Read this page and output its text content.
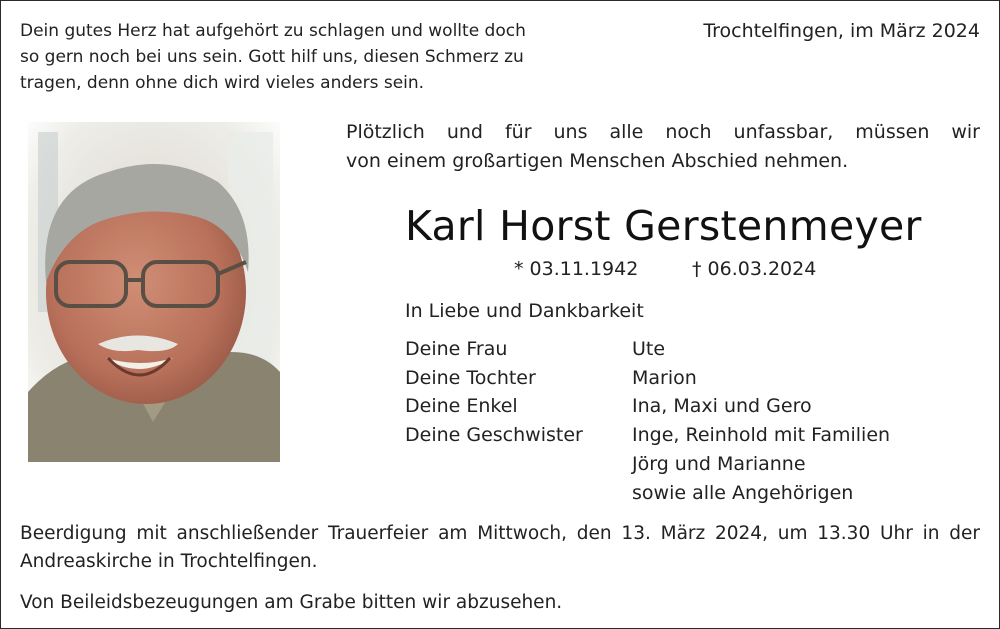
Dein gutes Herz hat aufgehört zu schlagen und wollte doch
so gern noch bei uns sein. Gott hilf uns, diesen Schmerz zu
tragen, denn ohne dich wird vieles anders sein.
Trochtelfingen, im März 2024
Plötzlich und für uns alle noch unfassbar, müssen wir
von einem großartigen Menschen Abschied nehmen.
Karl Horst Gerstenmeyer
* 03.11.1942	† 06.03.2024
In Liebe und Dankbarkeit
Deine Frau	Ute
Deine Tochter	Marion
Deine Enkel	Ina, Maxi und Gero
Deine Geschwister	Inge, Reinhold mit Familien
Jörg und Marianne
sowie alle Angehörigen
Beerdigung mit anschließender Trauerfeier am Mittwoch, den 13. März 2024, um 13.30 Uhr in der
Andreaskirche in Trochtelfingen.
Von Beileidsbezeugungen am Grabe bitten wir abzusehen.
